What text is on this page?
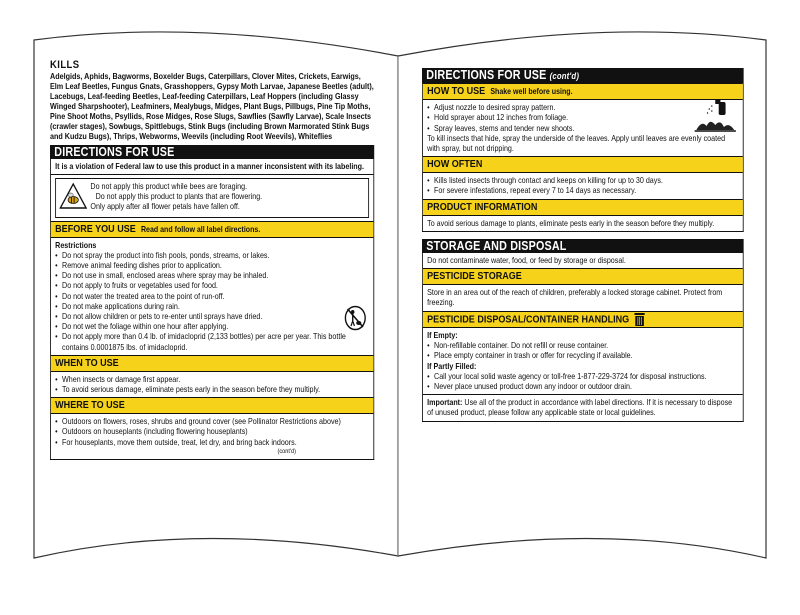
KILLS
Adelgids, Aphids, Bagworms, Boxelder Bugs, Caterpillars, Clover Mites, Crickets, Earwigs, Elm Leaf Beetles, Fungus Gnats, Grasshoppers, Gypsy Moth Larvae, Japanese Beetles (adult), Lacebugs, Leaf-feeding Beetles, Leaf-feeding Caterpillars, Leaf Hoppers (including Glassy Winged Sharpshooter), Leafminers, Mealybugs, Midges, Plant Bugs, Pillbugs, Pine Tip Moths, Pine Shoot Moths, Psyllids, Rose Midges, Rose Slugs, Sawflies (Sawfly Larvae), Scale Insects (crawler stages), Sowbugs, Spittlebugs, Stink Bugs (including Brown Marmorated Stink Bugs and Kudzu Bugs), Thrips, Webworms, Weevils (including Root Weevils), Whiteflies
DIRECTIONS FOR USE
It is a violation of Federal law to use this product in a manner inconsistent with its labeling.
Do not apply this product while bees are foraging.
Do not apply this product to plants that are flowering.
Only apply after all flower petals have fallen off.
BEFORE YOU USE Read and follow all label directions.
Restrictions
• Do not spray the product into fish pools, ponds, streams, or lakes.
• Remove animal feeding dishes prior to application.
• Do not use in small, enclosed areas where spray may be inhaled.
• Do not apply to fruits or vegetables used for food.
• Do not water the treated area to the point of run-off.
• Do not make applications during rain.
• Do not allow children or pets to re-enter until sprays have dried.
• Do not wet the foliage within one hour after applying.
• Do not apply more than 0.4 lb. of imidacloprid (2,133 bottles) per acre per year. This bottle contains 0.0001875 lbs. of imidacloprid.
WHEN TO USE
• When insects or damage first appear.
• To avoid serious damage, eliminate pests early in the season before they multiply.
WHERE TO USE
• Outdoors on flowers, roses, shrubs and ground cover (see Pollinator Restrictions above)
• Outdoors on houseplants (including flowering houseplants)
• For houseplants, move them outside, treat, let dry, and bring back indoors.
(cont'd)
DIRECTIONS FOR USE (cont'd)
HOW TO USE Shake well before using.
• Adjust nozzle to desired spray pattern.
• Hold sprayer about 12 inches from foliage.
• Spray leaves, stems and tender new shoots.
To kill insects that hide, spray the underside of the leaves. Apply until leaves are evenly coated with spray, but not dripping.
HOW OFTEN
• Kills listed insects through contact and keeps on killing for up to 30 days.
• For severe infestations, repeat every 7 to 14 days as necessary.
PRODUCT INFORMATION
To avoid serious damage to plants, eliminate pests early in the season before they multiply.
STORAGE AND DISPOSAL
Do not contaminate water, food, or feed by storage or disposal.
PESTICIDE STORAGE
Store in an area out of the reach of children, preferably a locked storage cabinet. Protect from freezing.
PESTICIDE DISPOSAL/CONTAINER HANDLING
If Empty:
• Non-refillable container. Do not refill or reuse container.
• Place empty container in trash or offer for recycling if available.
If Partly Filled:
• Call your local solid waste agency or toll-free 1-877-229-3724 for disposal instructions.
• Never place unused product down any indoor or outdoor drain.
Important: Use all of the product in accordance with label directions. If it is necessary to dispose of unused product, please follow any applicable state or local guidelines.
